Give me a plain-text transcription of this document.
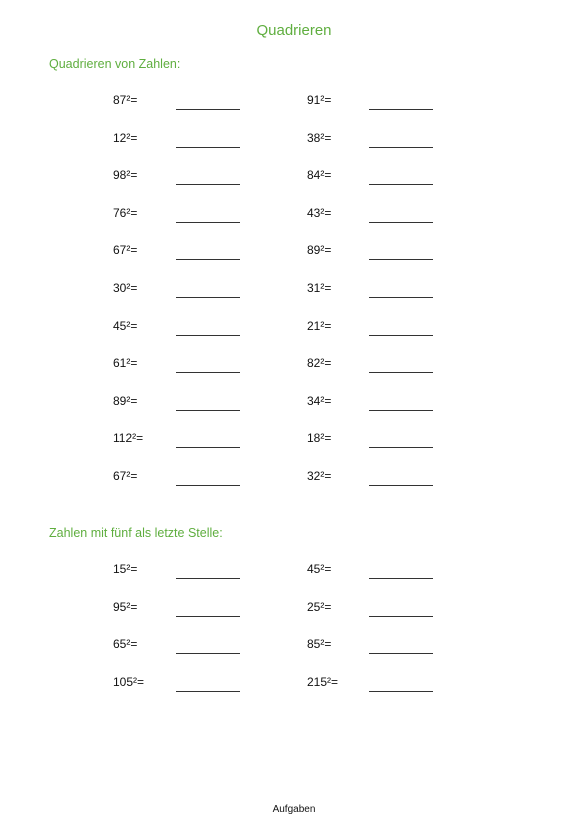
Quadrieren
Quadrieren von Zahlen:
87²=	91²=
12²=	38²=
98²=	84²=
76²=	43²=
67²=	89²=
30²=	31²=
45²=	21²=
61²=	82²=
89²=	34²=
112²=	18²=
67²=	32²=
Zahlen mit fünf als letzte Stelle:
15²=	45²=
95²=	25²=
65²=	85²=
105²=	215²=
Aufgaben
